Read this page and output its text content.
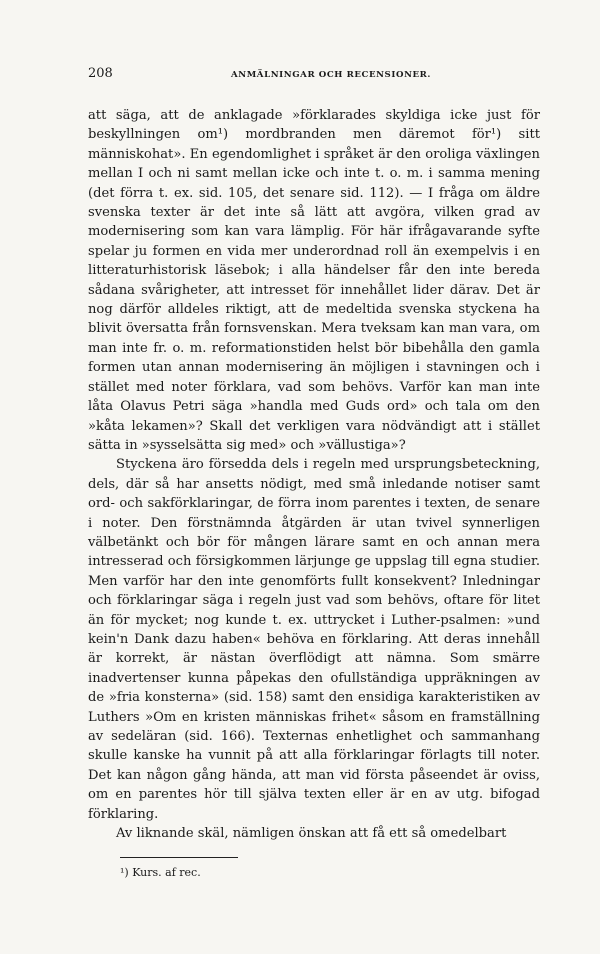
208	ANMÄLNINGAR OCH RECENSIONER.

att säga, att de anklagade »förklarades skyldiga icke just för beskyllningen om¹) mordbranden men däremot för¹) sitt människohat». En egendomlighet i språket är den oroliga växlingen mellan I och ni samt mellan icke och inte t. o. m. i samma mening (det förra t. ex. sid. 105, det senare sid. 112). — I fråga om äldre svenska texter är det inte så lätt att avgöra, vilken grad av modernisering som kan vara lämplig. För här ifrågavarande syfte spelar ju formen en vida mer underordnad roll än exempelvis i en litteraturhistorisk läsebok; i alla händelser får den inte bereda sådana svårigheter, att intresset för innehållet lider därav. Det är nog därför alldeles riktigt, att de medeltida svenska styckena ha blivit översatta från fornsvenskan. Mera tveksam kan man vara, om man inte fr. o. m. reformationstiden helst bör bibehålla den gamla formen utan annan modernisering än möjligen i stavningen och i stället med noter förklara, vad som behövs. Varför kan man inte låta Olavus Petri säga »handla med Guds ord» och tala om den »kåta lekamen»? Skall det verkligen vara nödvändigt att i stället sätta in »sysselsätta sig med» och »vällustiga»?

Styckena äro försedda dels i regeln med ursprungsbeteckning, dels, där så har ansetts nödigt, med små inledande notiser samt ord- och sakförklaringar, de förra inom parentes i texten, de senare i noter. Den förstnämnda åtgärden är utan tvivel synnerligen välbetänkt och bör för mången lärare samt en och annan mera intresserad och försigkommen lärjunge ge uppslag till egna studier. Men varför har den inte genomförts fullt konsekvent? Inledningar och förklaringar säga i regeln just vad som behövs, oftare för litet än för mycket; nog kunde t. ex. uttrycket i Luther-psalmen: »und kein'n Dank dazu haben« behöva en förklaring. Att deras innehåll är korrekt, är nästan överflödigt att nämna. Som smärre inadvertenser kunna påpekas den ofullständiga uppräkningen av de »fria konsterna» (sid. 158) samt den ensidiga karakteristiken av Luthers »Om en kristen människas frihet« såsom en framställning av sedeläran (sid. 166). Texternas enhetlighet och sammanhang skulle kanske ha vunnit på att alla förklaringar förlagts till noter. Det kan någon gång hända, att man vid första påseendet är oviss, om en parentes hör till själva texten eller är en av utg. bifogad förklaring.

Av liknande skäl, nämligen önskan att få ett så omedelbart

¹) Kurs. af rec.
